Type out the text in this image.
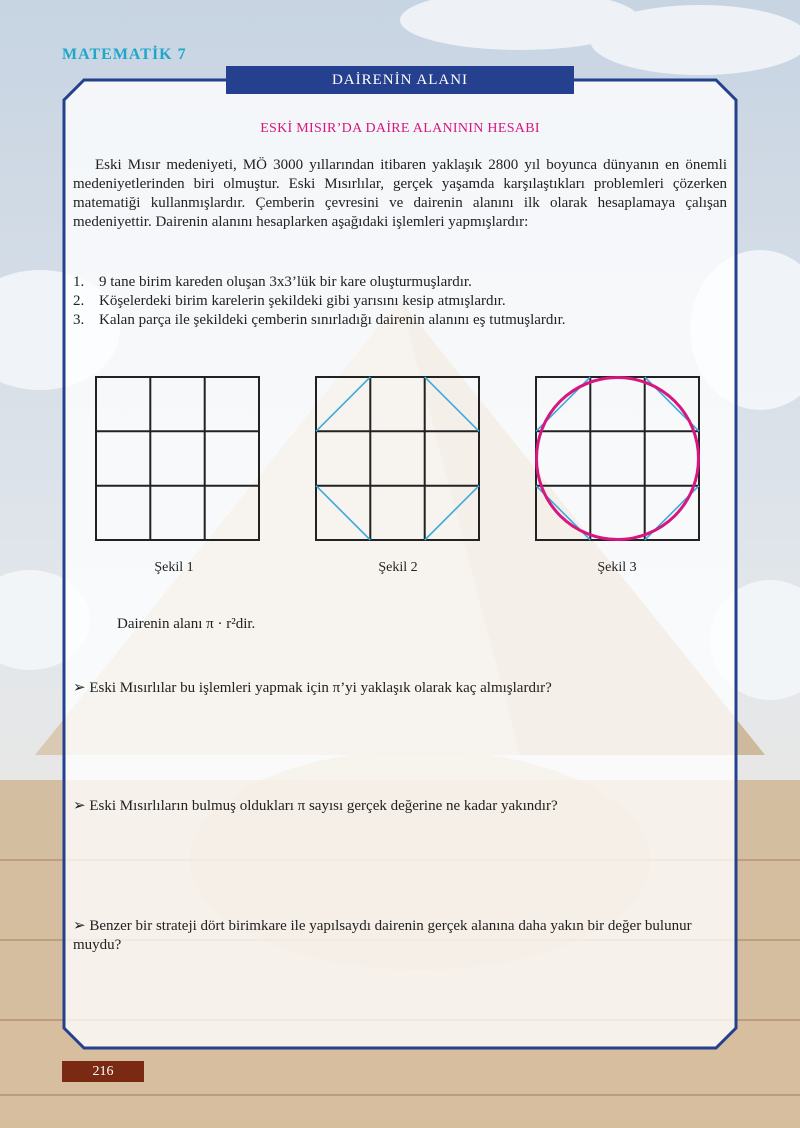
MATEMATİK 7
DAİRENİN ALANI
ESKİ MISIR’DA DAİRE ALANININ HESABI
Eski Mısır medeniyeti, MÖ 3000 yıllarından itibaren yaklaşık 2800 yıl boyunca dünyanın en önemli medeniyetlerinden biri olmuştur. Eski Mısırlılar, gerçek yaşamda karşılaştıkları problemleri çözerken matematiği kullanmışlardır. Çemberin çevresini ve dairenin alanını ilk olarak hesaplamaya çalışan medeniyettir. Dairenin alanını hesaplarken aşağıdaki işlemleri yapmışlardır:
1. 9 tane birim kareden oluşan 3x3’lük bir kare oluşturmuşlardır.
2. Köşelerdeki birim karelerin şekildeki gibi yarısını kesip atmışlardır.
3. Kalan parça ile şekildeki çemberin sınırladığı dairenin alanını eş tutmuşlardır.
Şekil 1	Şekil 2	Şekil 3
Dairenin alanı π · r²dir.
➢ Eski Mısırlılar bu işlemleri yapmak için π’yi yaklaşık olarak kaç almışlardır?
➢ Eski Mısırlıların bulmuş oldukları π sayısı gerçek değerine ne kadar yakındır?
➢ Benzer bir strateji dört birimkare ile yapılsaydı dairenin gerçek alanına daha yakın bir değer bulunur muydu?
216
